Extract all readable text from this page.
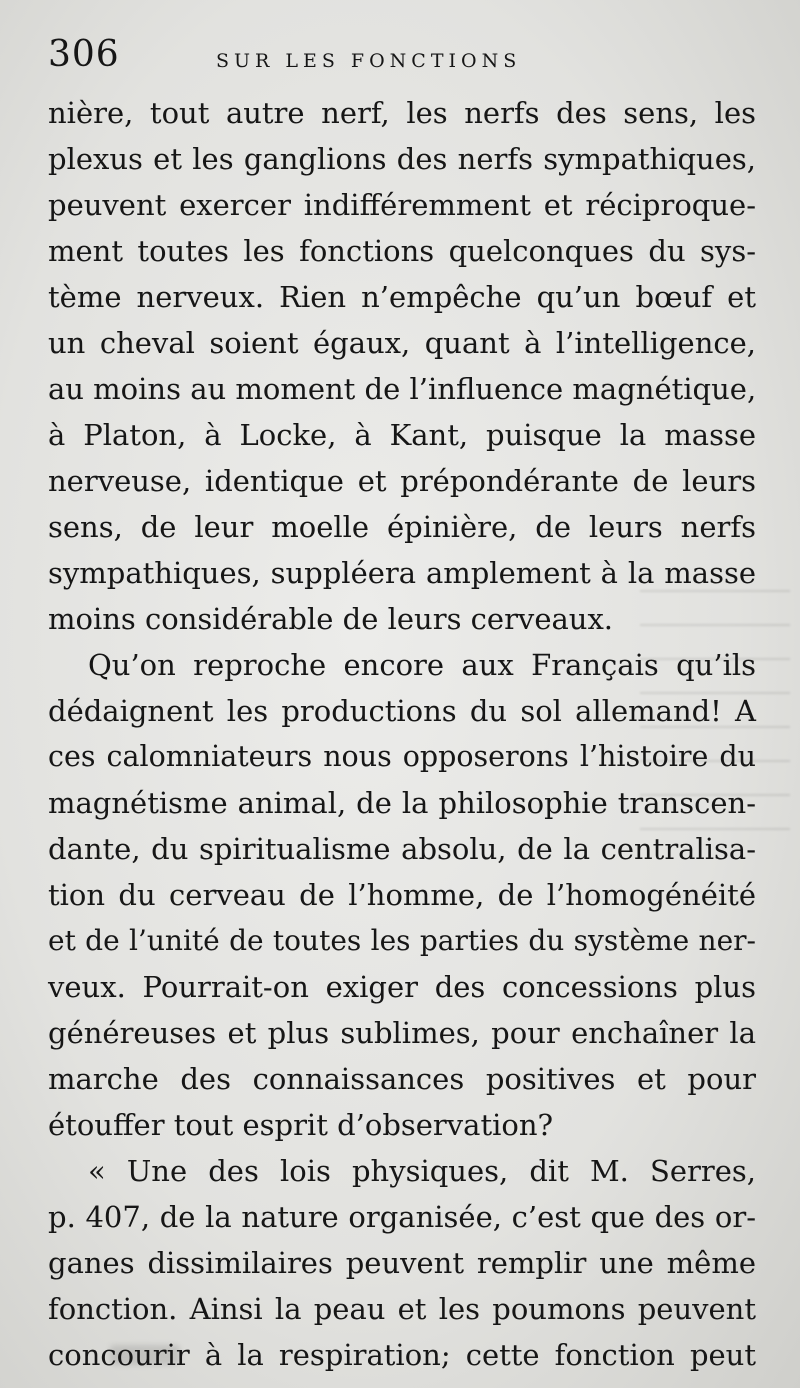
306	SUR LES FONCTIONS
nière, tout autre nerf, les nerfs des sens, les
plexus et les ganglions des nerfs sympathiques,
peuvent exercer indifféremment et réciproque-
ment toutes les fonctions quelconques du sys-
tème nerveux. Rien n’empêche qu’un bœuf et
un cheval soient égaux, quant à l’intelligence,
au moins au moment de l’influence magnétique,
à Platon, à Locke, à Kant, puisque la masse
nerveuse, identique et prépondérante de leurs
sens, de leur moelle épinière, de leurs nerfs
sympathiques, suppléera amplement à la masse
moins considérable de leurs cerveaux.
Qu’on reproche encore aux Français qu’ils
dédaignent les productions du sol allemand! A
ces calomniateurs nous opposerons l’histoire du
magnétisme animal, de la philosophie transcen-
dante, du spiritualisme absolu, de la centralisa-
tion du cerveau de l’homme, de l’homogénéité
et de l’unité de toutes les parties du système ner-
veux. Pourrait-on exiger des concessions plus
généreuses et plus sublimes, pour enchaîner la
marche des connaissances positives et pour
étouffer tout esprit d’observation?
« Une des lois physiques, dit M. Serres,
p. 407, de la nature organisée, c’est que des or-
ganes dissimilaires peuvent remplir une même
fonction. Ainsi la peau et les poumons peuvent
concourir à la respiration; cette fonction peut
